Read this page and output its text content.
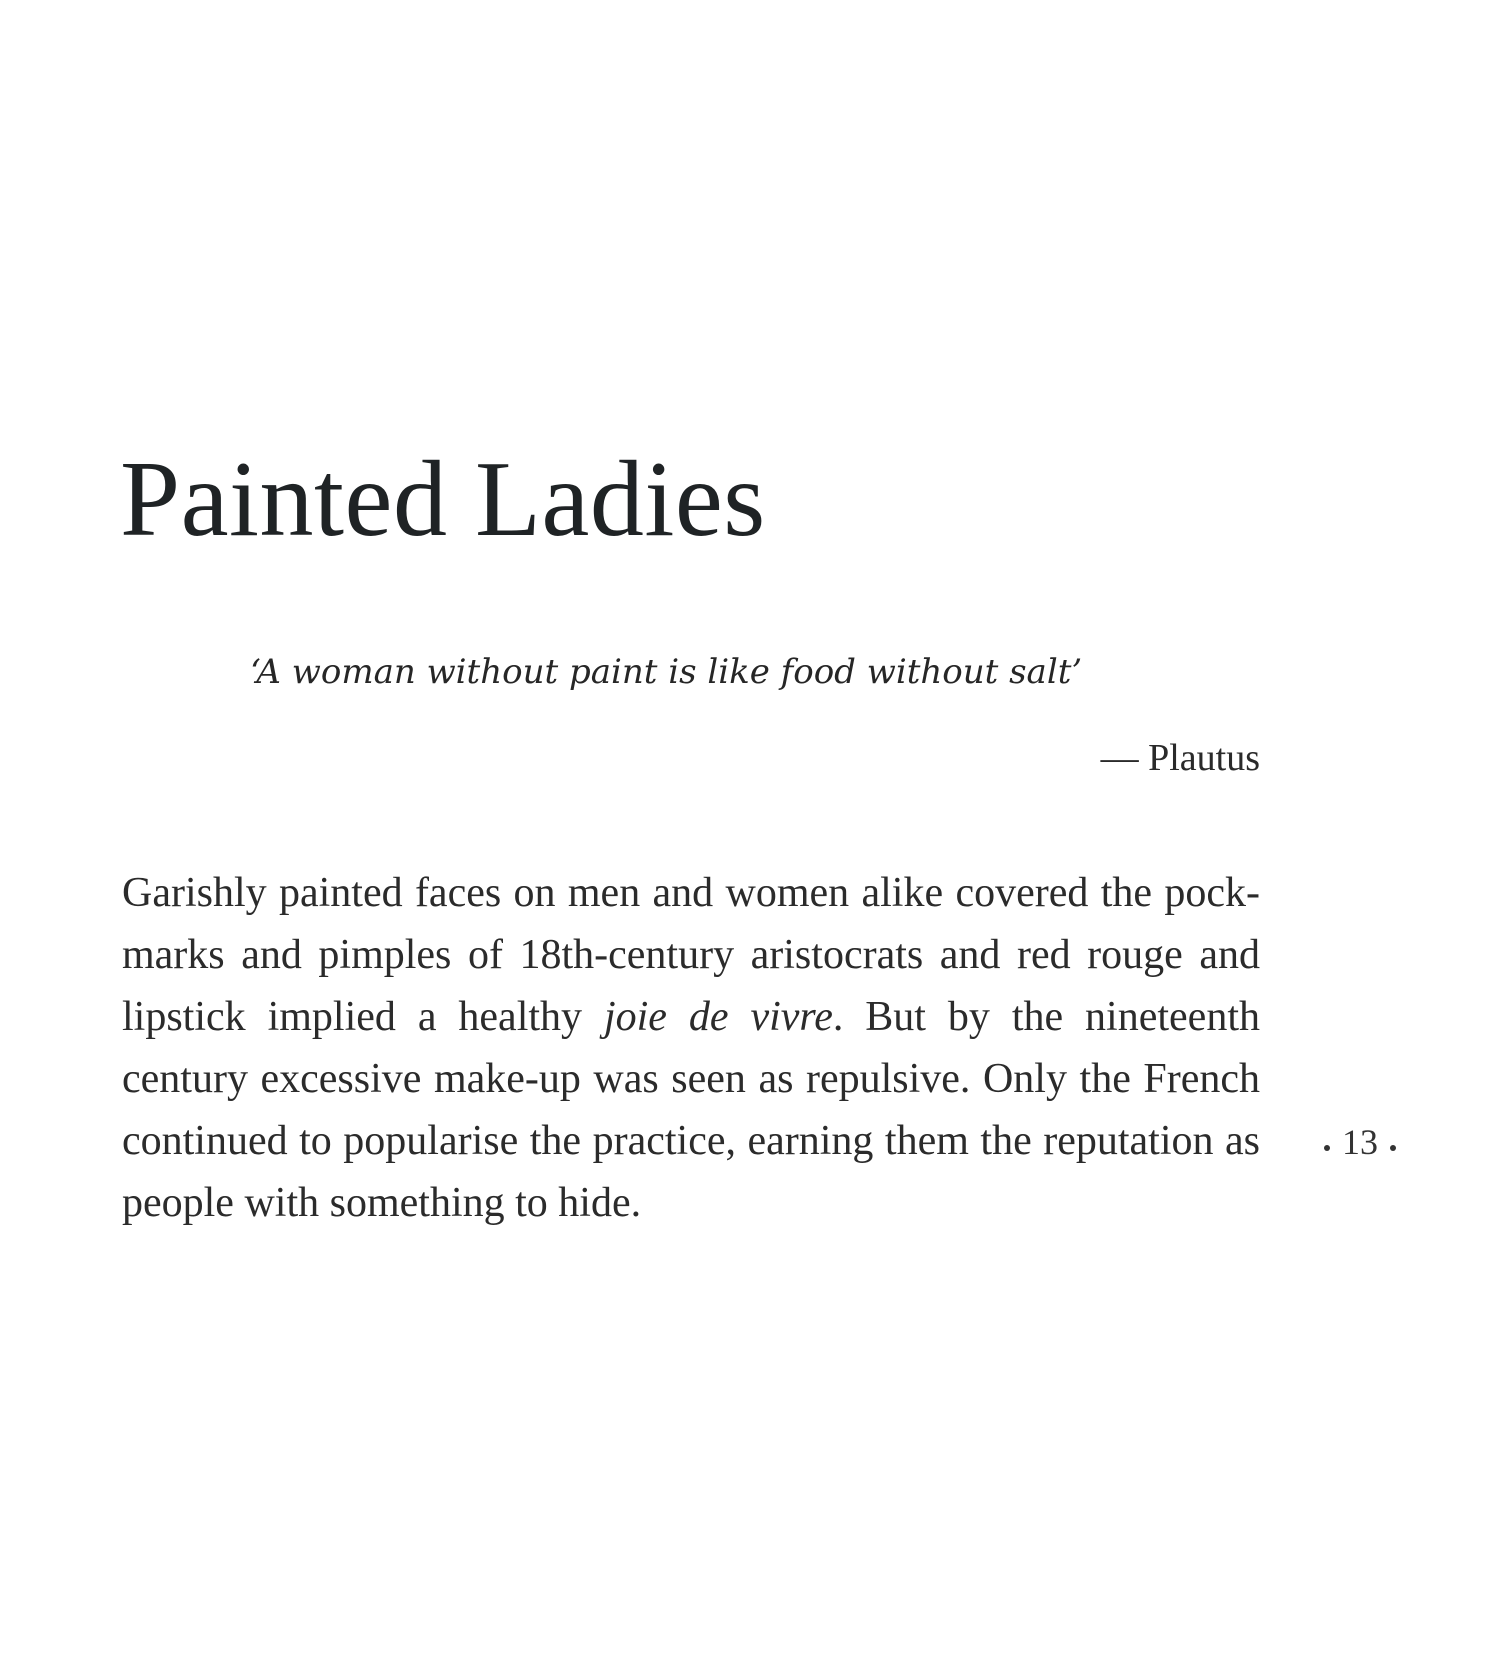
Painted Ladies
‘A woman without paint is like food without salt’
— Plautus

Garishly painted faces on men and women alike covered the pock-marks and pimples of 18th-century aristocrats and red rouge and lipstick implied a healthy joie de vivre. But by the nineteenth century excessive make-up was seen as repulsive. Only the French continued to popularise the practice, earning them the reputation as people with something to hide.

13
